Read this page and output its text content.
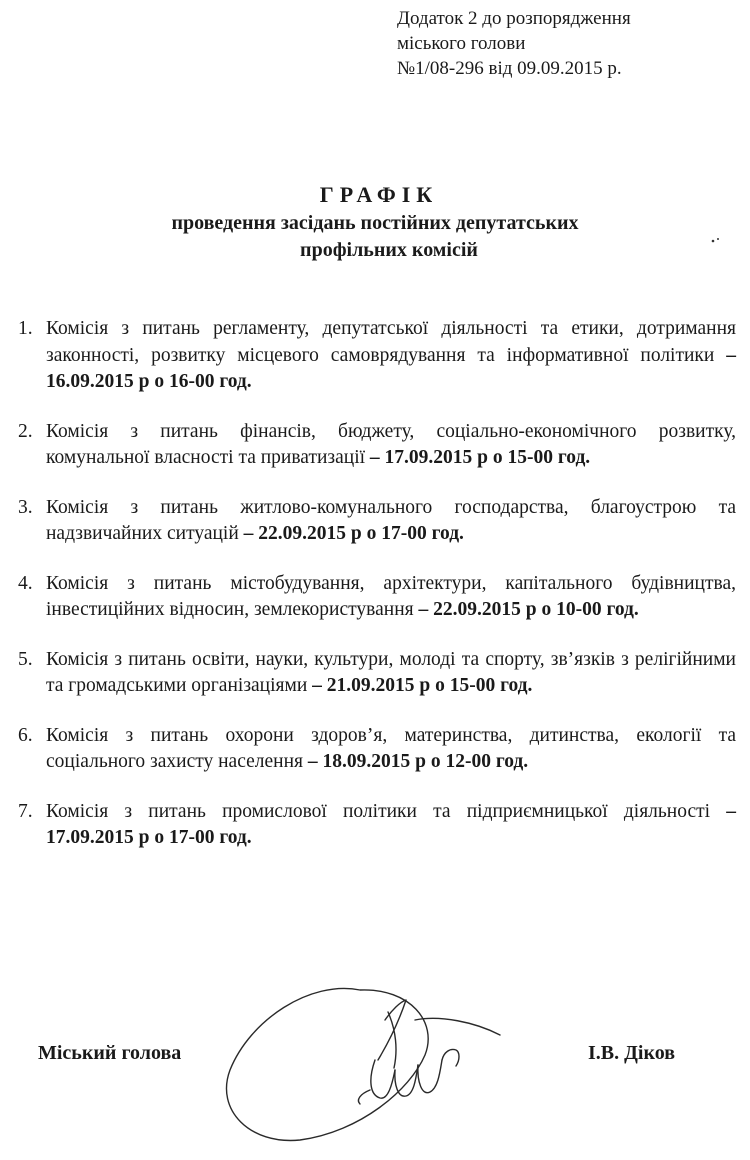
Додаток 2 до розпорядження
міського голови
№1/08-296 від 09.09.2015 р.
ГРАФІК
проведення засідань постійних депутатських
профільних комісій
1. Комісія з питань регламенту, депутатської діяльності та етики, дотримання законності, розвитку місцевого самоврядування та інформативної політики – 16.09.2015 р о 16-00 год.
2. Комісія з питань фінансів, бюджету, соціально-економічного розвитку, комунальної власності та приватизації – 17.09.2015 р о 15-00 год.
3. Комісія з питань житлово-комунального господарства, благоустрою та надзвичайних ситуацій – 22.09.2015 р о 17-00 год.
4. Комісія з питань містобудування, архітектури, капітального будівництва, інвестиційних відносин, землекористування – 22.09.2015 р о 10-00 год.
5. Комісія з питань освіти, науки, культури, молоді та спорту, зв’язків з релігійними та громадськими організаціями – 21.09.2015 р о 15-00 год.
6. Комісія з питань охорони здоров’я, материнства, дитинства, екології та соціального захисту населення – 18.09.2015 р о 12-00 год.
7. Комісія з питань промислової політики та підприємницької діяльності – 17.09.2015 р о 17-00 год.
Міський голова	І.В. Діков
